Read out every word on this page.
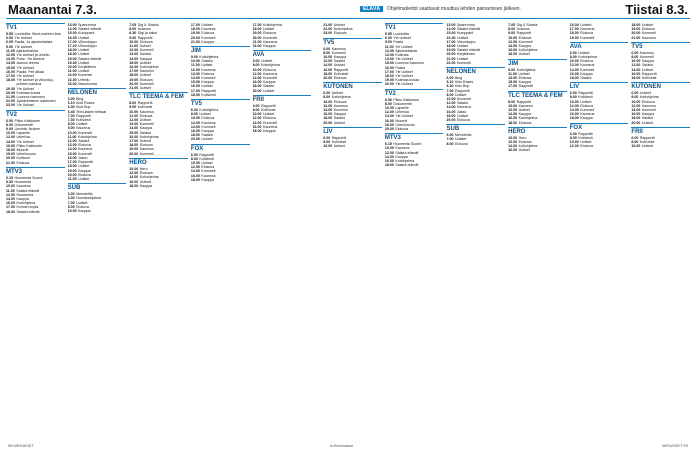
Maanantai 7.3.	ELÄVÄ	Ohjelmatiedot saattavat muuttua lehden painamisen jälkeen.	Tiistai 8.3.
TV1
5.55 Luontoilta: Mont-martren lintu
6.00 Yle Uutiset
6.05 Pasila, Ja ajankohtaista
9.00 Yle Uutiset
11.00 Ajankohtaista
12.00 Yle Uutiset ja urheilu
13.00 Puhe. Yle Areena
14.05 Aamun teema
15.00 Yle Uutiset
16.00 Pasila: Peli alkaa
17.00 Yle Uutiset
18.00 Yle Uutiset ja viikonlop-puheen kanava
19.30 Yle Uutiset
20.00 Kotimaa kuvaa
21.00 Luonnon kauneus
22.00 Ajankohtainen kakkonen
23.00 Yle Uutiset
TV2
6.00 Pikku Kakkonen
8.00 Dokumentti
9.00 Uusinta: Ikuinen
10.00 Lapselle
12.00 Urheilua
14.00 Yle Uutiset
16.00 Pikku Kakkonen
18.00 Muumit
19.00 Urheiluruutu
20.00 Kulttuuri
21.00 Elokuva
MTV3
6.15 Huomenta Suomi
9.30 Huomenta
10.00 Kauneus
11.00 Salatut elämät
12.00 Huomenta
14.00 Kauppa
16.00 Kotiohjelma
17.00 Kolmen kopla
18.00 Salatut elämät
13.00 Spanrroma
14.00 Salatut elämät
15.00 Kumppani
16.30 Uutiset
17.00 Viikonloppu
17.20 Viikonloppu
18.00 Uutiset
18.30 Uutiset
19.00 Salatut elämät
19.30 Uutiset
20.00 Kerjäläinen
21.00 Uutiset
22.00 Kummeli
22.30 Urheilu
23.00 Iltasanomat
NELONEN
6.00 Bing
6.10 Kids Roses
6.30 Kidz Bop
6.40 Teini-lasten tehtaat
7.00 Rapportti
7.30 Kotiviesti
8.00 Uutiset
9.00 Kauneus
10.00 Kummeli
11.00 Kotiohjelma
12.00 Salatut
13.00 Elokuva
14.00 Kauneus
15.00 Kummeli
16.00 Jakso
17.00 Rapportti
18.00 Uutiset
19.00 Kauppa
20.00 Elokuva
21.00 Uutiset
SUB
6.00 Menoteltis
6.30 Nuorisoohjelma
7.00 Uutiset
8.00 Elokuva
10.00 Kauppa
7.05 Dig & Sharks
8.00 Avaruus
8.30 Digi ja kaksi
9.00 Rapportti
10.00 Elokuva
11.00 Uutiset
12.00 Kummeli
13.00 Salatut
14.00 Kauppa
15.00 Uutiset
16.00 Kotiohjelma
17.00 Kauneus
18.00 Uutiset
19.00 Elokuva
20.00 Kummeli
21.00 Uutiset
TLC TEEMA & FEM
8.00 Rapportti
9.00 Kotiviesti
10.00 Kauneus
11.00 Elokuva
12.00 Uutiset
13.00 Kummeli
14.00 Kauppa
15.00 Salatut
16.00 Kotiohjelma
17.00 Uutiset
18.00 Elokuva
19.00 Kauneus
20.00 Kummeli
HERO
10.00 Hero
12.00 Elokuva
14.00 Kotiohjelma
16.00 Uutiset
18.00 Kauppa
17.00 Uutiset
18.00 Kauneus
19.00 Elokuva
20.00 Kummeli
21.00 Kauppa
JIM
9.00 Kotiohjelma
10.00 Salatut
11.00 Uutiset
12.00 Kauneus
13.00 Elokuva
14.00 Kummeli
15.00 Kauppa
16.00 Uutiset
17.00 Rapportti
18.00 Kotiviesti
TV5
6.00 Kotiohjelma
8.00 Uutiset
10.00 Elokuva
12.00 Kauneus
14.00 Kummeli
16.00 Kauppa
18.00 Salatut
20.00 Uutiset
FOX
6.00 Rapportti
8.00 Kotiviesti
10.00 Uutiset
12.00 Elokuva
14.00 Kummeli
16.00 Kauneus
18.00 Kauppa
17.00 Kotiohjelma
18.00 Uutiset
19.00 Elokuva
20.00 Kummeli
21.00 Kauneus
22.00 Kauppa
AVA
6.00 Uutiset
8.00 Kotiohjelma
10.00 Elokuva
12.00 Kauneus
14.00 Kummeli
16.00 Kauppa
18.00 Salatut
20.00 Uutiset
FRII
6.00 Rapportti
8.00 Kotiviesti
10.00 Uutiset
12.00 Elokuva
14.00 Kummeli
16.00 Kauneus
18.00 Kauppa
21.00 Uutiset
22.00 Kotiohjelma
23.00 Elokuva
TV5
6.00 Kauneus
8.00 Kummeli
10.00 Kauppa
12.00 Salatut
14.00 Uutiset
16.00 Rapportti
18.00 Kotiviesti
20.00 Elokuva
KUTONEN
6.00 Uutiset
8.00 Kotiohjelma
10.00 Elokuva
12.00 Kauneus
14.00 Kummeli
16.00 Kauppa
18.00 Salatut
20.00 Uutiset
LIV
6.00 Rapportti
8.00 Kotiviesti
10.00 Uutiset
TV1
5.55 Luontoilta
6.00 Yle Uutiset
9.00 Pasila
11.00 Yle Uutiset
12.00 Ajankohtaista
13.00 Kotimaa
14.00 Yle Uutiset
15.00 Luonnon kauneus
16.00 Pasila
17.00 Yle Uutiset
18.00 Yle Uutiset
19.00 Kotimaa kuvaa
20.00 Yle Uutiset
TV2
6.00 Pikku Kakkonen
8.00 Dokumentti
10.00 Lapselle
12.00 Urheilua
14.00 Yle Uutiset
16.00 Muumit
18.00 Urheiluruutu
20.00 Elokuva
MTV3
6.15 Huomenta Suomi
10.00 Kauneus
12.00 Salatut elämät
14.00 Kauppa
16.00 Kotiohjelma
18.00 Salatut elämät
13.00 Spanrroma
14.00 Salatut elämät
15.00 Kumppani
16.30 Uutiset
17.00 Viikonloppu
18.00 Uutiset
19.00 Salatut elämät
20.00 Kerjäläinen
21.00 Uutiset
22.00 Kummeli
NELONEN
6.00 Bing
6.10 Kids Roses
6.30 Kidz Bop
7.00 Rapportti
8.00 Uutiset
10.00 Kummeli
12.00 Salatut
14.00 Kauneus
16.00 Jakso
18.00 Uutiset
20.00 Elokuva
SUB
6.00 Menoteltis
7.00 Uutiset
8.00 Elokuva
7.05 Dig & Sharks
8.00 Avaruus
9.00 Rapportti
10.00 Elokuva
12.00 Kummeli
14.00 Kauppa
16.00 Kotiohjelma
18.00 Uutiset
JIM
9.00 Kotiohjelma
11.00 Uutiset
13.00 Elokuva
15.00 Kauppa
17.00 Rapportti
TLC TEEMA & FEM
8.00 Rapportti
10.00 Kauneus
12.00 Uutiset
14.00 Kauppa
16.00 Kotiohjelma
18.00 Elokuva
HERO
10.00 Hero
12.00 Elokuva
14.00 Kotiohjelma
16.00 Uutiset
16.00 Uutiset
17.00 Kauneus
18.00 Elokuva
19.00 Kummeli
AVA
6.00 Uutiset
8.00 Kotiohjelma
10.00 Elokuva
12.00 Kauneus
14.00 Kummeli
16.00 Kauppa
18.00 Salatut
LIV
6.00 Rapportti
8.00 Kotiviesti
10.00 Uutiset
12.00 Elokuva
14.00 Kummeli
16.00 Kauneus
18.00 Kauppa
FOX
6.00 Rapportti
8.00 Kotiviesti
10.00 Uutiset
12.00 Elokuva
18.00 Uutiset
19.00 Elokuva
20.00 Kummeli
21.00 Kauneus
TV5
6.00 Kauneus
8.00 Kummeli
10.00 Kauppa
12.00 Salatut
14.00 Uutiset
16.00 Rapportti
18.00 Kotiviesti
KUTONEN
6.00 Uutiset
8.00 Kotiohjelma
10.00 Elokuva
12.00 Kauneus
14.00 Kummeli
16.00 Kauppa
18.00 Salatut
20.00 Uutiset
FRII
6.00 Rapportti
8.00 Kotiviesti
10.00 Uutiset
58 MENAISET	is.fi/menaiset	MENAISET 59
